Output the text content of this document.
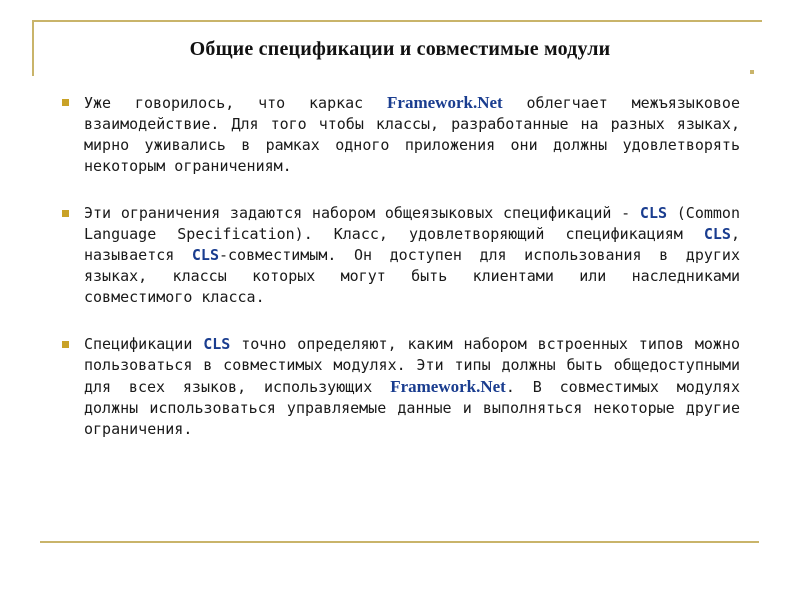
Общие спецификации и совместимые модули
Уже говорилось, что каркас Framework.Net облегчает межъязыковое взаимодействие. Для того чтобы классы, разработанные на разных языках, мирно уживались в рамках одного приложения они должны удовлетворять некоторым ограничениям.
Эти ограничения задаются набором общеязыковых спецификаций - CLS (Common Language Specification). Класс, удовлетворяющий спецификациям CLS, называется CLS-совместимым. Он доступен для использования в других языках, классы которых могут быть клиентами или наследниками совместимого класса.
Спецификации CLS точно определяют, каким набором встроенных типов можно пользоваться в совместимых модулях. Эти типы должны быть общедоступными для всех языков, использующих Framework.Net. В совместимых модулях должны использоваться управляемые данные и выполняться некоторые другие ограничения.
